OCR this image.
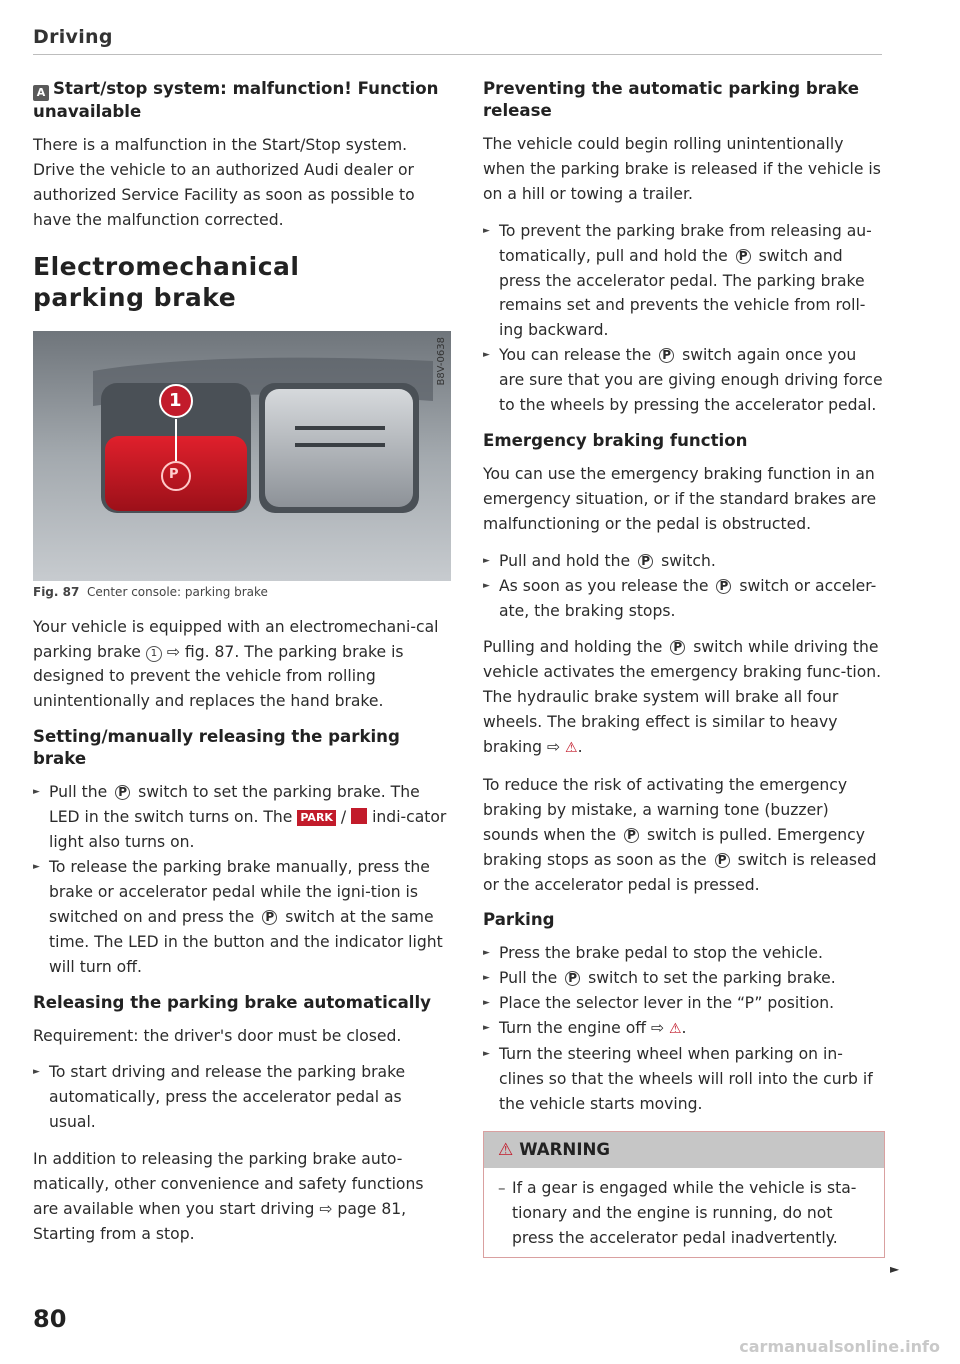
Driving
A Start/stop system: malfunction! Function unavailable

There is a malfunction in the Start/Stop system. Drive the vehicle to an authorized Audi dealer or authorized Service Facility as soon as possible to have the malfunction corrected.

Electromechanical
parking brake
P
1
B8V-0638
Fig. 87 Center console: parking brake

Your vehicle is equipped with an electromechani-cal parking brake 1 ⇨ fig. 87. The parking brake is designed to prevent the vehicle from rolling unintentionally and replaces the hand brake.

Setting/manually releasing the parking brake
► Pull the P switch to set the parking brake. The LED in the switch turns on. The PARK /  indi-cator light also turns on.
► To release the parking brake manually, press the brake or accelerator pedal while the igni-tion is switched on and press the P switch at the same time. The LED in the button and the indicator light will turn off.
Releasing the parking brake automatically

Requirement: the driver's door must be closed.

► To start driving and release the parking brake automatically, press the accelerator pedal as usual.

In addition to releasing the parking brake auto-matically, other convenience and safety functions are available when you start driving ⇨ page 81, Starting from a stop.

Preventing the automatic parking brake release

The vehicle could begin rolling unintentionally when the parking brake is released if the vehicle is on a hill or towing a trailer.

► To prevent the parking brake from releasing au-tomatically, pull and hold the P switch and press the accelerator pedal. The parking brake remains set and prevents the vehicle from roll-ing backward.
► You can release the P switch again once you are sure that you are giving enough driving force to the wheels by pressing the accelerator pedal.
Emergency braking function

You can use the emergency braking function in an emergency situation, or if the standard brakes are malfunctioning or the pedal is obstructed.

► Pull and hold the P switch.
► As soon as you release the P switch or acceler-ate, the braking stops.

Pulling and holding the P switch while driving the vehicle activates the emergency braking func-tion. The hydraulic brake system will brake all four wheels. The braking effect is similar to heavy braking ⇨ ⚠.

To reduce the risk of activating the emergency braking by mistake, a warning tone (buzzer) sounds when the P switch is pulled. Emergency braking stops as soon as the P switch is released or the accelerator pedal is pressed.

Parking
► Press the brake pedal to stop the vehicle.
► Pull the P switch to set the parking brake.
► Place the selector lever in the “P” position.
► Turn the engine off ⇨ ⚠.
► Turn the steering wheel when parking on in-clines so that the wheels will roll into the curb if the vehicle starts moving.
⚠ WARNING
– If a gear is engaged while the vehicle is sta-tionary and the engine is running, do not press the accelerator pedal inadvertently.
►
80
carmanualsonline.info
